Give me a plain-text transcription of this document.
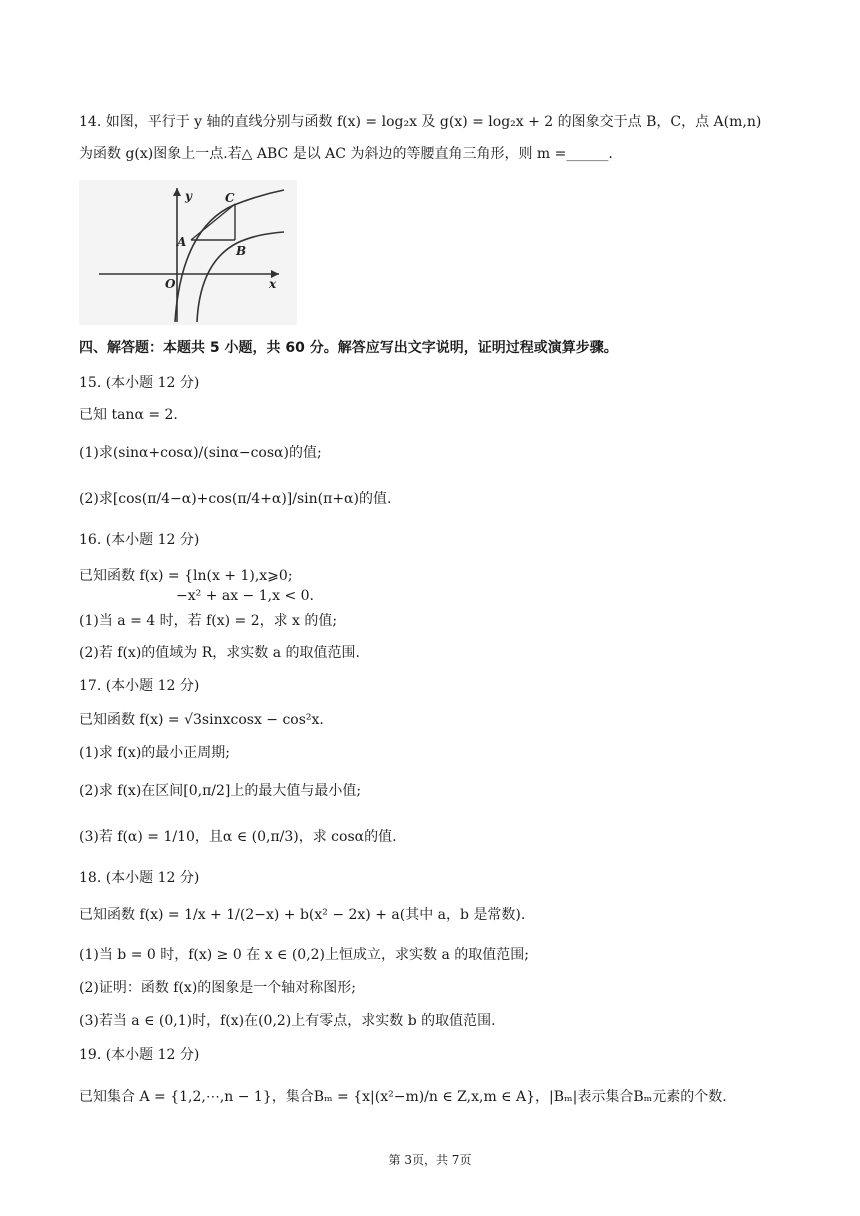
14. 如图，平行于 y 轴的直线分别与函数 f(x) = log₂x 及 g(x) = log₂x + 2 的图象交于点 B，C，点 A(m,n)
为函数 g(x)图象上一点.若△ ABC 是以 AC 为斜边的等腰直角三角形，则 m =______.
y
x
O
A
B
C
四、解答题：本题共 5 小题，共 60 分。解答应写出文字说明，证明过程或演算步骤。
15. (本小题 12 分)
已知 tanα = 2.
(1)求(sinα+cosα)/(sinα−cosα)的值;
(2)求[cos(π/4−α)+cos(π/4+α)]/sin(π+α)的值.
16. (本小题 12 分)
已知函数 f(x) = {ln(x + 1),x⩾0;
−x² + ax − 1,x < 0.
(1)当 a = 4 时，若 f(x) = 2，求 x 的值;
(2)若 f(x)的值域为 R，求实数 a 的取值范围.
17. (本小题 12 分)
已知函数 f(x) = √3sinxcosx − cos²x.
(1)求 f(x)的最小正周期;
(2)求 f(x)在区间[0,π/2]上的最大值与最小值;
(3)若 f(α) = 1/10，且α ∈ (0,π/3)，求 cosα的值.
18. (本小题 12 分)
已知函数 f(x) = 1/x + 1/(2−x) + b(x² − 2x) + a(其中 a，b 是常数).
(1)当 b = 0 时，f(x) ≥ 0 在 x ∈ (0,2)上恒成立，求实数 a 的取值范围;
(2)证明：函数 f(x)的图象是一个轴对称图形;
(3)若当 a ∈ (0,1)时，f(x)在(0,2)上有零点，求实数 b 的取值范围.
19. (本小题 12 分)
已知集合 A = {1,2,⋯,n − 1}，集合Bₘ = {x|(x²−m)/n ∈ Z,x,m ∈ A}，|Bₘ|表示集合Bₘ元素的个数.
第 3页，共 7页
